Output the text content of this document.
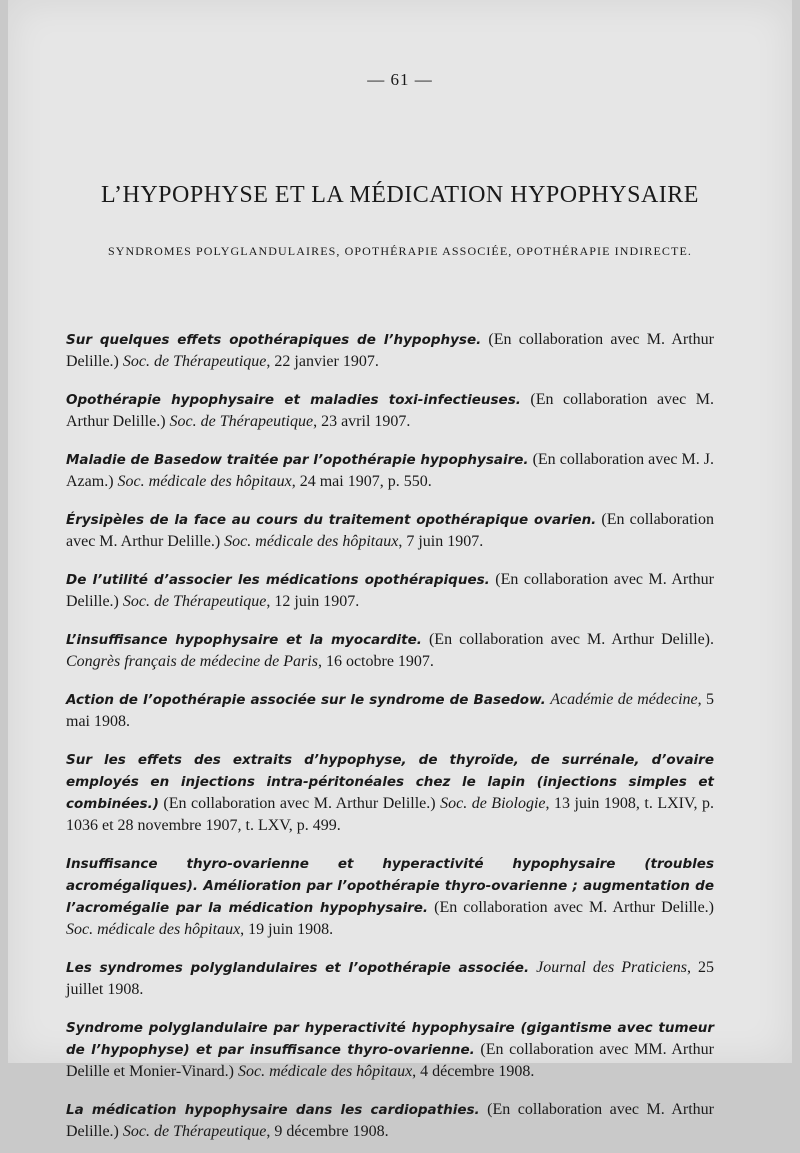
— 61 —
L’HYPOPHYSE ET LA MÉDICATION HYPOPHYSAIRE
SYNDROMES POLYGLANDULAIRES, OPOTHÉRAPIE ASSOCIÉE, OPOTHÉRAPIE INDIRECTE.

Sur quelques effets opothérapiques de l’hypophyse. (En collaboration avec M. Arthur Delille.) Soc. de Thérapeutique, 22 janvier 1907.

Opothérapie hypophysaire et maladies toxi-infectieuses. (En collaboration avec M. Arthur Delille.) Soc. de Thérapeutique, 23 avril 1907.

Maladie de Basedow traitée par l’opothérapie hypophysaire. (En collaboration avec M. J. Azam.) Soc. médicale des hôpitaux, 24 mai 1907, p. 550.

Érysipèles de la face au cours du traitement opothérapique ovarien. (En collaboration avec M. Arthur Delille.) Soc. médicale des hôpitaux, 7 juin 1907.

De l’utilité d’associer les médications opothérapiques. (En collaboration avec M. Arthur Delille.) Soc. de Thérapeutique, 12 juin 1907.

L’insuffisance hypophysaire et la myocardite. (En collaboration avec M. Arthur Delille). Congrès français de médecine de Paris, 16 octobre 1907.

Action de l’opothérapie associée sur le syndrome de Basedow. Académie de médecine, 5 mai 1908.

Sur les effets des extraits d’hypophyse, de thyroïde, de surrénale, d’ovaire employés en injections intra-péritonéales chez le lapin (injections simples et combinées.) (En collaboration avec M. Arthur Delille.) Soc. de Biologie, 13 juin 1908, t. LXIV, p. 1036 et 28 novembre 1907, t. LXV, p. 499.

Insuffisance thyro-ovarienne et hyperactivité hypophysaire (troubles acromégaliques). Amélioration par l’opothérapie thyro-ovarienne ; augmentation de l’acromégalie par la médication hypophysaire. (En collaboration avec M. Arthur Delille.) Soc. médicale des hôpitaux, 19 juin 1908.

Les syndromes polyglandulaires et l’opothérapie associée. Journal des Praticiens, 25 juillet 1908.

Syndrome polyglandulaire par hyperactivité hypophysaire (gigantisme avec tumeur de l’hypophyse) et par insuffisance thyro-ovarienne. (En collaboration avec MM. Arthur Delille et Monier-Vinard.) Soc. médicale des hôpitaux, 4 décembre 1908.

La médication hypophysaire dans les cardiopathies. (En collaboration avec M. Arthur Delille.) Soc. de Thérapeutique, 9 décembre 1908.
